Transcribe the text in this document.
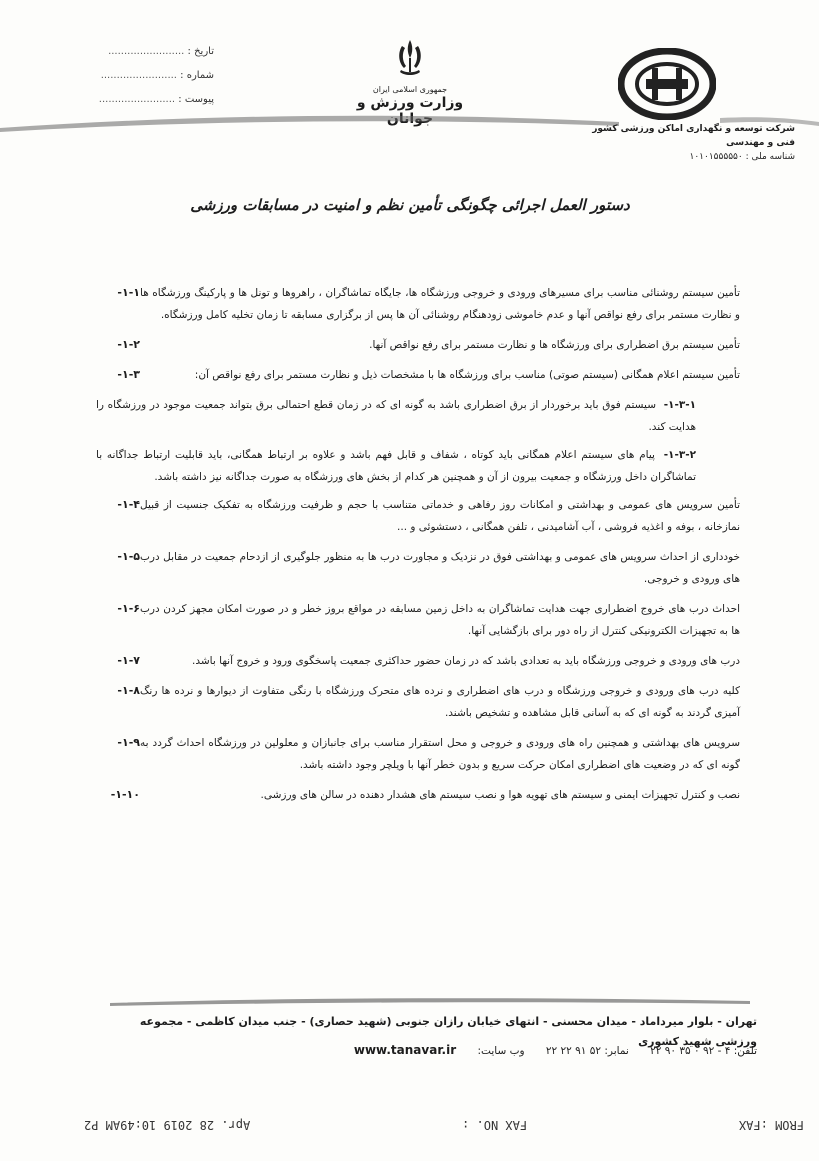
تاریخ : ........................
شماره : ........................
پیوست : ........................
جمهوری اسلامی ایران
وزارت ورزش و
شرکت توسعه و نگهداری اماکن ورزشی کشور
فنی و مهندسی
شناسه ملی : ۱۰۱۰۱۵۵۵۵۵۰
دستور العمل اجرائی چگونگی تأمین نظم و امنیت در مسابقات ورزشی
۱-۱- تأمین سیستم روشنائی مناسب برای مسیرهای ورودی و خروجی ورزشگاه ها، جایگاه تماشاگران ، راهروها و تونل ها و پارکینگ ورزشگاه ها و نظارت مستمر برای رفع نواقص آنها و عدم خاموشی زودهنگام روشنائی آن ها پس از برگزاری مسابقه تا زمان تخلیه کامل ورزشگاه.
۱-۲-	تأمین سیستم برق اضطراری برای ورزشگاه ها و نظارت مستمر برای رفع نواقص آنها.
۱-۳-	تأمین سیستم اعلام همگانی (سیستم صوتی) مناسب برای ورزشگاه ها با مشخصات ذیل و نظارت مستمر برای رفع نواقص آن:
۱-۳-۱- سیستم فوق باید برخوردار از برق اضطراری باشد به گونه ای که در زمان قطع احتمالی برق بتواند جمعیت موجود در ورزشگاه را هدایت کند.
۱-۳-۲- پیام های سیستم اعلام همگانی باید کوتاه ، شفاف و قابل فهم باشد و علاوه بر ارتباط همگانی، باید قابلیت ارتباط جداگانه با تماشاگران داخل ورزشگاه و جمعیت بیرون از آن و همچنین هر کدام از بخش های ورزشگاه به صورت جداگانه نیز داشته باشد.
۱-۴- تأمین سرویس های عمومی و بهداشتی و امکانات روز رفاهی و خدماتی متناسب با حجم و ظرفیت ورزشگاه به تفکیک جنسیت از قبیل نمازخانه ، بوفه و اغذیه فروشی ، آب آشامیدنی ، تلفن همگانی ، دستشوئی و ...
۱-۵- خودداری از احداث سرویس های عمومی و بهداشتی فوق در نزدیک و مجاورت درب ها به منظور جلوگیری از ازدحام جمعیت در مقابل درب های ورودی و خروجی.
۱-۶- احداث درب های خروج اضطراری جهت هدایت تماشاگران به داخل زمین مسابقه در مواقع بروز خطر و در صورت امکان مجهز کردن درب ها به تجهیزات الکترونیکی کنترل از راه دور برای بازگشایی آنها.
۱-۷-	درب های ورودی و خروجی ورزشگاه باید به تعدادی باشد که در زمان حضور حداکثری جمعیت پاسخگوی ورود و خروج آنها باشد.
۱-۸- کلیه درب های ورودی و خروجی ورزشگاه و درب های اضطراری و نرده های متحرک ورزشگاه با رنگی متفاوت از دیوارها و نرده ها رنگ آمیزی گردند به گونه ای که به آسانی قابل مشاهده و تشخیص باشند.
۱-۹- سرویس های بهداشتی و همچنین راه های ورودی و خروجی و محل استقرار مناسب برای جانبازان و معلولین در ورزشگاه احداث گردد به گونه ای که در وضعیت های اضطراری امکان حرکت سریع و بدون خطر آنها با ویلچر وجود داشته باشد.
۱-۱۰-	نصب و کنترل تجهیزات ایمنی و سیستم های تهویه هوا و نصب سیستم های هشدار دهنده در سالن های ورزشی.
تهران - بلوار میرداماد - میدان محسنی - انتهای خیابان رازان جنوبی (شهید حصاری) - جنب میدان کاظمی - مجموعه ورزشی شهید کشوری
تلفن: ۴ - ۹۲ ۰ ۳۵ ۹۰ ۲۲ نمابر: ۵۲ ۹۱ ۲۲ ۲۲ وب سایت: www.tanavar.ir
FROM :FAX
FAX NO. :
Apr. 28 2019 10:49AM P2
